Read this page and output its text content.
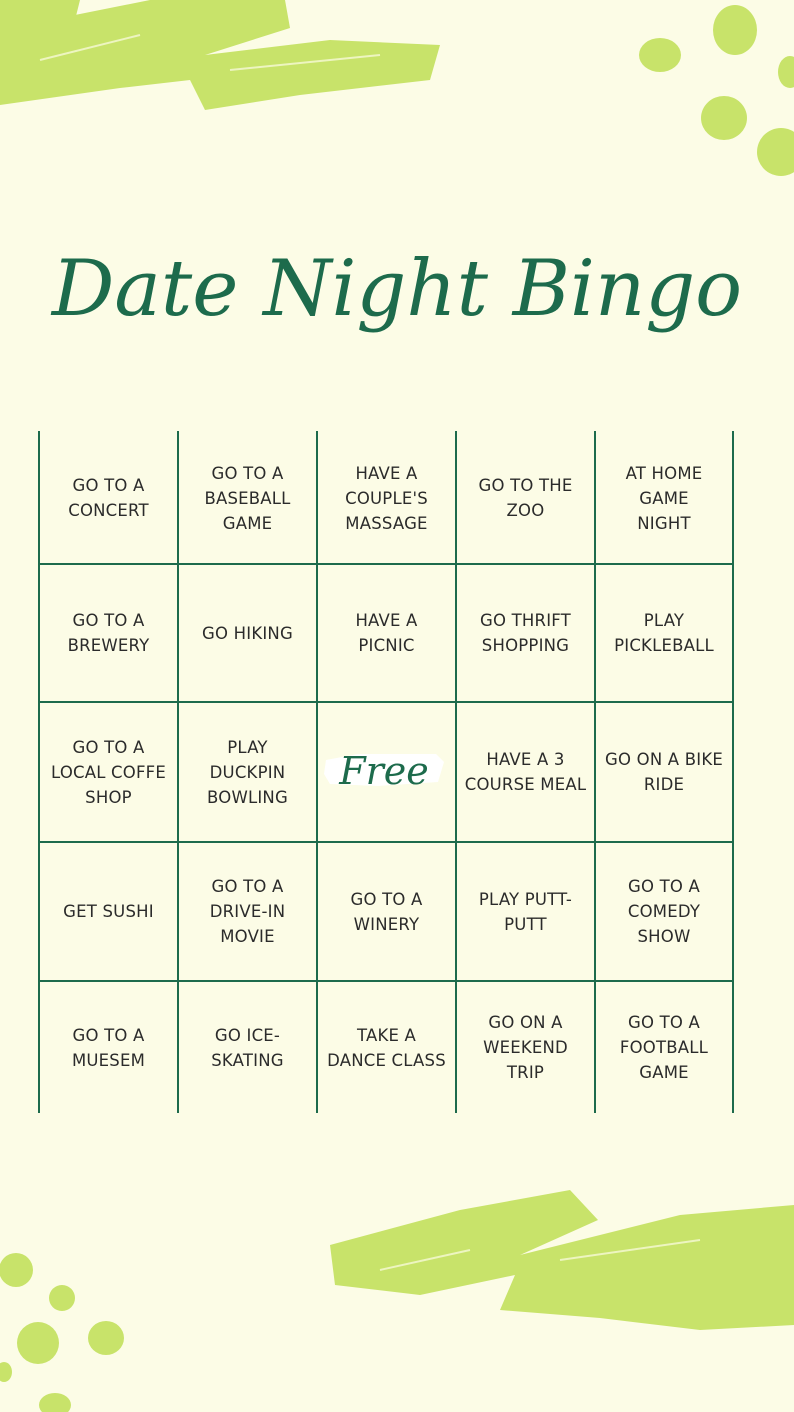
Date Night Bingo
GO TO A
CONCERT
GO TO A
BASEBALL
GAME
HAVE A
COUPLE'S
MASSAGE
GO TO THE
ZOO
AT HOME
GAME
NIGHT
GO TO A
BREWERY
GO HIKING
HAVE A
PICNIC
GO THRIFT
SHOPPING
PLAY
PICKLEBALL
GO TO A
LOCAL COFFE
SHOP
PLAY
DUCKPIN
BOWLING
Free	HAVE A 3
COURSE MEAL
GO ON A BIKE
RIDE
GET SUSHI
GO TO A
DRIVE-IN
MOVIE
GO TO A
WINERY
PLAY PUTT-
PUTT
GO TO A
COMEDY
SHOW
GO TO A
MUESEM
GO ICE-
SKATING
TAKE A
DANCE CLASS
GO ON A
WEEKEND
TRIP
GO TO A
FOOTBALL
GAME
